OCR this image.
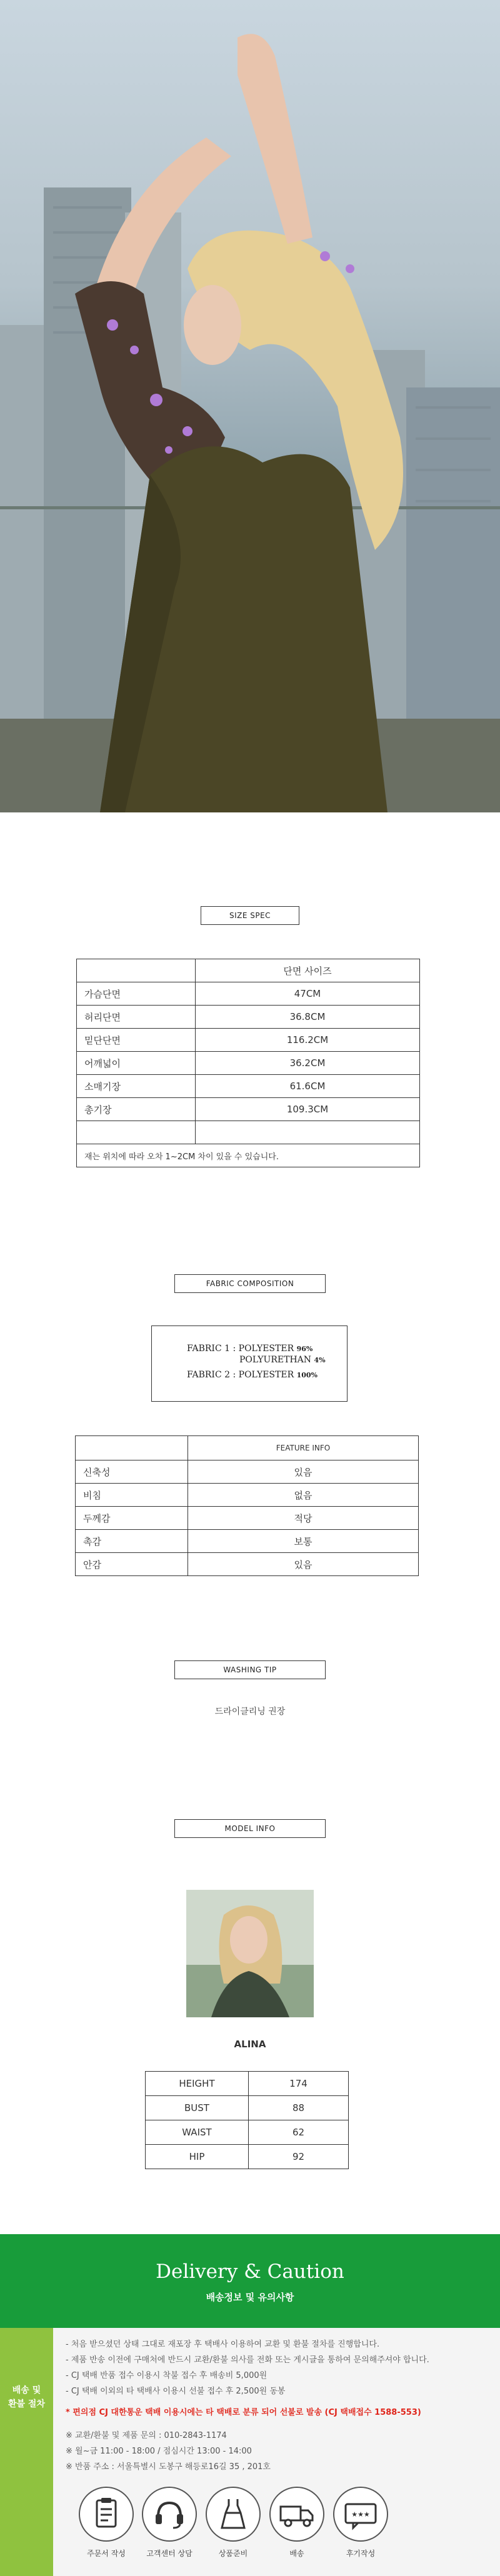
SIZE SPEC
	단면 사이즈
가슴단면	47CM
허리단면	36.8CM
밑단단면	116.2CM
어깨넓이	36.2CM
소매기장	61.6CM
총기장	109.3CM

재는 위치에 따라 오차 1~2CM 차이 있을 수 있습니다.	
FABRIC COMPOSITION
FABRIC 1 : POLYESTER 96%
POLYURETHAN 4%
FABRIC 2 : POLYESTER 100%
	FEATURE INFO
신축성	있음
비침	없음
두께감	적당
촉감	보통
안감	있음
WASHING TIP
드라이클리닝 권장
MODEL INFO
ALINA
HEIGHT	174
BUST	88
WAIST	62
HIP	92
Delivery & Caution
배송정보 및 유의사항
배송 및
환불 절차

- 처음 받으셨던 상태 그대로 재포장 후 택배사 이용하여 교환 및 환불 절차를 진행합니다.

- 제품 반송 이전에 구매처에 반드시 교환/환불 의사를 전화 또는 게시글을 통하여 문의해주셔야 합니다.

- CJ 택배 반품 접수 이용시 착불 접수 후 배송비 5,000원

- CJ 택배 이외의 타 택배사 이용시 선불 접수 후 2,500원 동봉

* 편의점 CJ 대한통운 택배 이용시에는 타 택배로 분류 되어 선불로 발송 (CJ 택배접수 1588-553)

※ 교환/환불 및 제품 문의 : 010-2843-1174

※ 월~금 11:00 - 18:00 / 점심시간 13:00 - 14:00

※ 반품 주소 : 서울특별시 도봉구 해등로16길 35 , 201호

주문서 작성	고객센터 상담	상품준비	배송
★★★
후기작성
